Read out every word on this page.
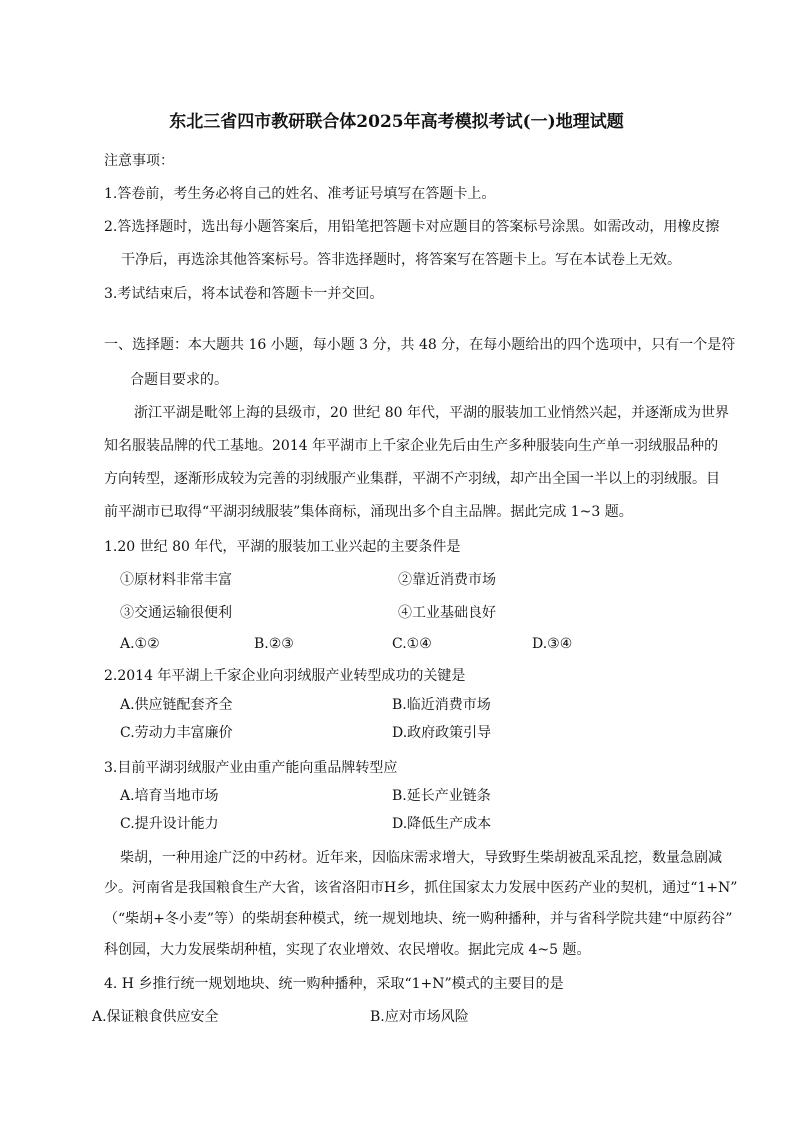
东北三省四市教研联合体2025年高考模拟考试(一)地理试题
注意事项：
1.答卷前，考生务必将自己的姓名、准考证号填写在答题卡上。
2.答选择题时，选出每小题答案后，用铅笔把答题卡对应题目的答案标号涂黑。如需改动，用橡皮擦
干净后，再选涂其他答案标号。答非选择题时，将答案写在答题卡上。写在本试卷上无效。
3.考试结束后，将本试卷和答题卡一并交回。
一、选择题：本大题共 16 小题，每小题 3 分，共 48 分，在每小题给出的四个选项中，只有一个是符
合题目要求的。
浙江平湖是毗邻上海的县级市，20 世纪 80 年代，平湖的服装加工业悄然兴起，并逐渐成为世界
知名服装品牌的代工基地。2014 年平湖市上千家企业先后由生产多种服装向生产单一羽绒服品种的
方向转型，逐渐形成较为完善的羽绒服产业集群，平湖不产羽绒，却产出全国一半以上的羽绒服。目
前平湖市已取得“平湖羽绒服装”集体商标，涌现出多个自主品牌。据此完成 1~3 题。
1.20 世纪 80 年代，平湖的服装加工业兴起的主要条件是
①原材料非常丰富	②靠近消费市场
③交通运输很便利	④工业基础良好
A.①②	B.②③	C.①④	D.③④
2.2014 年平湖上千家企业向羽绒服产业转型成功的关键是
A.供应链配套齐全	B.临近消费市场
C.劳动力丰富廉价	D.政府政策引导
3.目前平湖羽绒服产业由重产能向重品牌转型应
A.培育当地市场	B.延长产业链条
C.提升设计能力	D.降低生产成本
柴胡，一种用途广泛的中药材。近年来，因临床需求增大，导致野生柴胡被乱采乱挖，数量急剧减
少。河南省是我国粮食生产大省，该省洛阳市H乡，抓住国家太力发展中医药产业的契机，通过“1+N”
（“柴胡+冬小麦”等）的柴胡套种模式，统一规划地块、统一购种播种，并与省科学院共建“中原药谷”
科创园，大力发展柴胡种植，实现了农业增效、农民增收。据此完成 4~5 题。
4. H 乡推行统一规划地块、统一购种播种，采取“1+N”模式的主要目的是
A.保证粮食供应安全	B.应对市场风险
